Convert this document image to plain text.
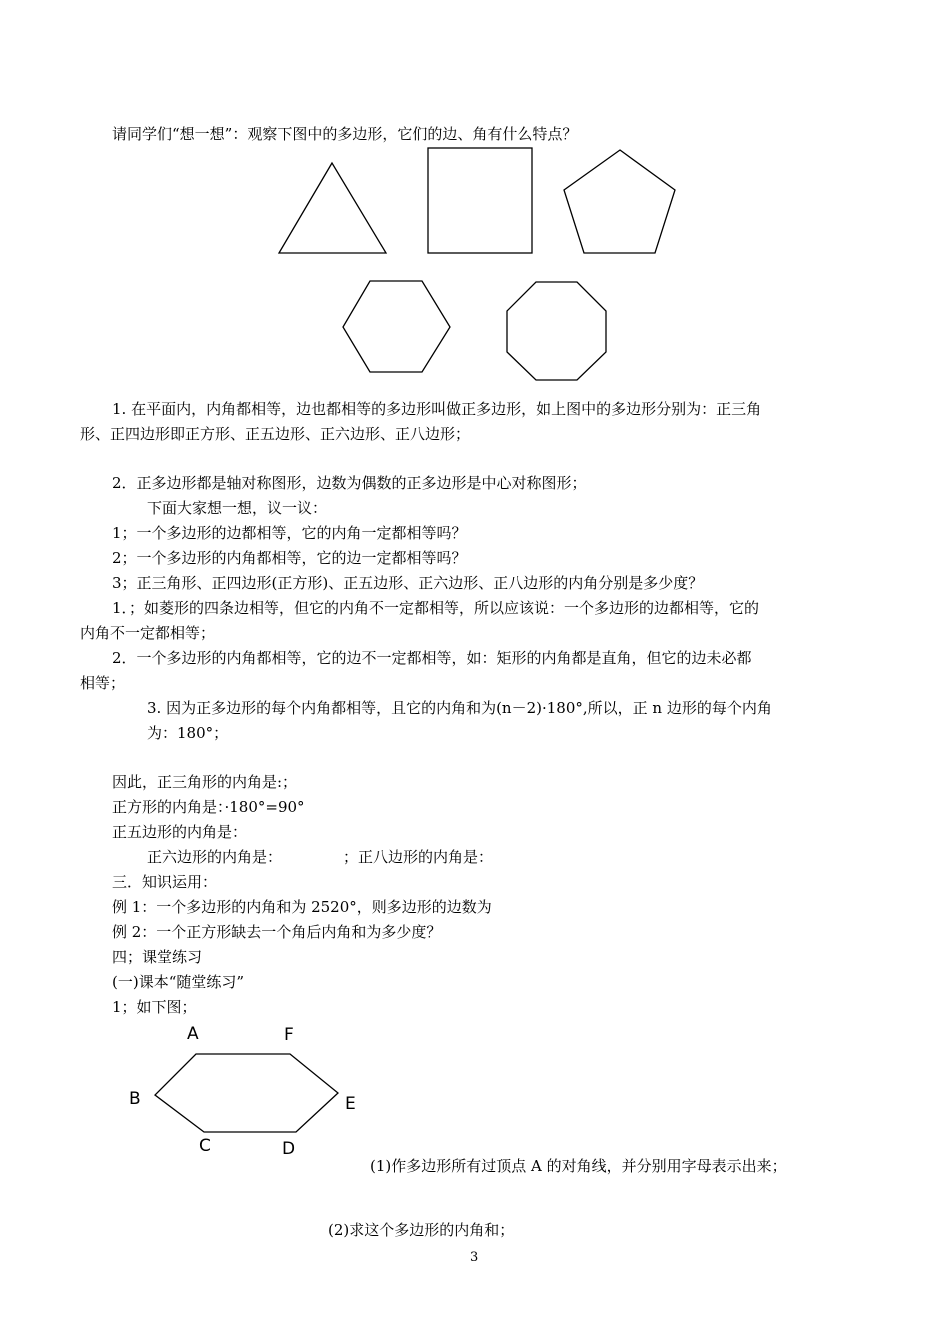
请同学们“想一想”：观察下图中的多边形，它们的边、角有什么特点？
1. 在平面内，内角都相等，边也都相等的多边形叫做正多边形，如上图中的多边形分别为：正三角
形、正四边形即正方形、正五边形、正六边形、正八边形；
2．正多边形都是轴对称图形，边数为偶数的正多边形是中心对称图形；
下面大家想一想，议一议：
1；一个多边形的边都相等，它的内角一定都相等吗？
2；一个多边形的内角都相等，它的边一定都相等吗？
3；正三角形、正四边形(正方形)、正五边形、正六边形、正八边形的内角分别是多少度？
1．；如菱形的四条边相等，但它的内角不一定都相等，所以应该说：一个多边形的边都相等，它的
内角不一定都相等；
2．一个多边形的内角都相等，它的边不一定都相等，如：矩形的内角都是直角，但它的边未必都
相等；
3. 因为正多边形的每个内角都相等，且它的内角和为(n－2)·180°,所以，正 n 边形的每个内角
为：180°；
因此，正三角形的内角是:；
正方形的内角是：·180°=90°
正五边形的内角是：
正六边形的内角是：	；正八边形的内角是：
三．知识运用：
例 1：一个多边形的内角和为 2520°，则多边形的边数为
例 2：一个正方形缺去一个角后内角和为多少度？
四；课堂练习
(一)课本“随堂练习”
1；如下图；
A	F
B	E
C	D
(1)作多边形所有过顶点 A 的对角线，并分别用字母表示出来；
(2)求这个多边形的内角和；
3
